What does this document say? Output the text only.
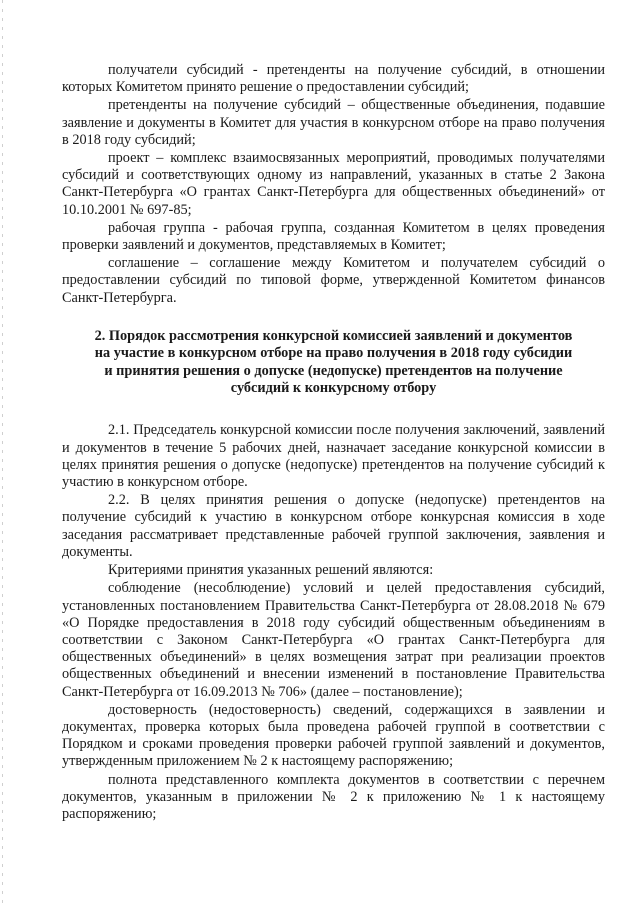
получатели субсидий - претенденты на получение субсидий, в отношении которых Комитетом принято решение о предоставлении субсидий;

претенденты на получение субсидий – общественные объединения, подавшие заявление и документы в Комитет для участия в конкурсном отборе на право получения в 2018 году субсидий;

проект – комплекс взаимосвязанных мероприятий, проводимых получателями субсидий и соответствующих одному из направлений, указанных в статье 2 Закона Санкт-Петербурга «О грантах Санкт-Петербурга для общественных объединений» от 10.10.2001 № 697-85;

рабочая группа - рабочая группа, созданная Комитетом в целях проведения проверки заявлений и документов, представляемых в Комитет;

соглашение – соглашение между Комитетом и получателем субсидий о предоставлении субсидий по типовой форме, утвержденной Комитетом финансов Санкт-Петербурга.

2. Порядок рассмотрения конкурсной комиссией заявлений и документов
на участие в конкурсном отборе на право получения в 2018 году субсидии
и принятия решения о допуске (недопуске) претендентов на получение
субсидий к конкурсному отбору

2.1. Председатель конкурсной комиссии после получения заключений, заявлений и документов в течение 5 рабочих дней, назначает заседание конкурсной комиссии в целях принятия решения о допуске (недопуске) претендентов на получение субсидий к участию в конкурсном отборе.

2.2. В целях принятия решения о допуске (недопуске) претендентов на получение субсидий к участию в конкурсном отборе конкурсная комиссия в ходе заседания рассматривает представленные рабочей группой заключения, заявления и документы.

Критериями принятия указанных решений являются:

соблюдение (несоблюдение) условий и целей предоставления субсидий, установленных постановлением Правительства Санкт-Петербурга от 28.08.2018 № 679 «О Порядке предоставления в 2018 году субсидий общественным объединениям в соответствии с Законом Санкт-Петербурга «О грантах Санкт-Петербурга для общественных объединений» в целях возмещения затрат при реализации проектов общественных объединений и внесении изменений в постановление Правительства Санкт-Петербурга от 16.09.2013 № 706» (далее – постановление);

достоверность (недостоверность) сведений, содержащихся в заявлении и документах, проверка которых была проведена рабочей группой в соответствии с Порядком и сроками проведения проверки рабочей группой заявлений и документов, утвержденным приложением № 2 к настоящему распоряжению;

полнота представленного комплекта документов в соответствии с перечнем документов, указанным в приложении № 2 к приложению № 1 к настоящему распоряжению;
